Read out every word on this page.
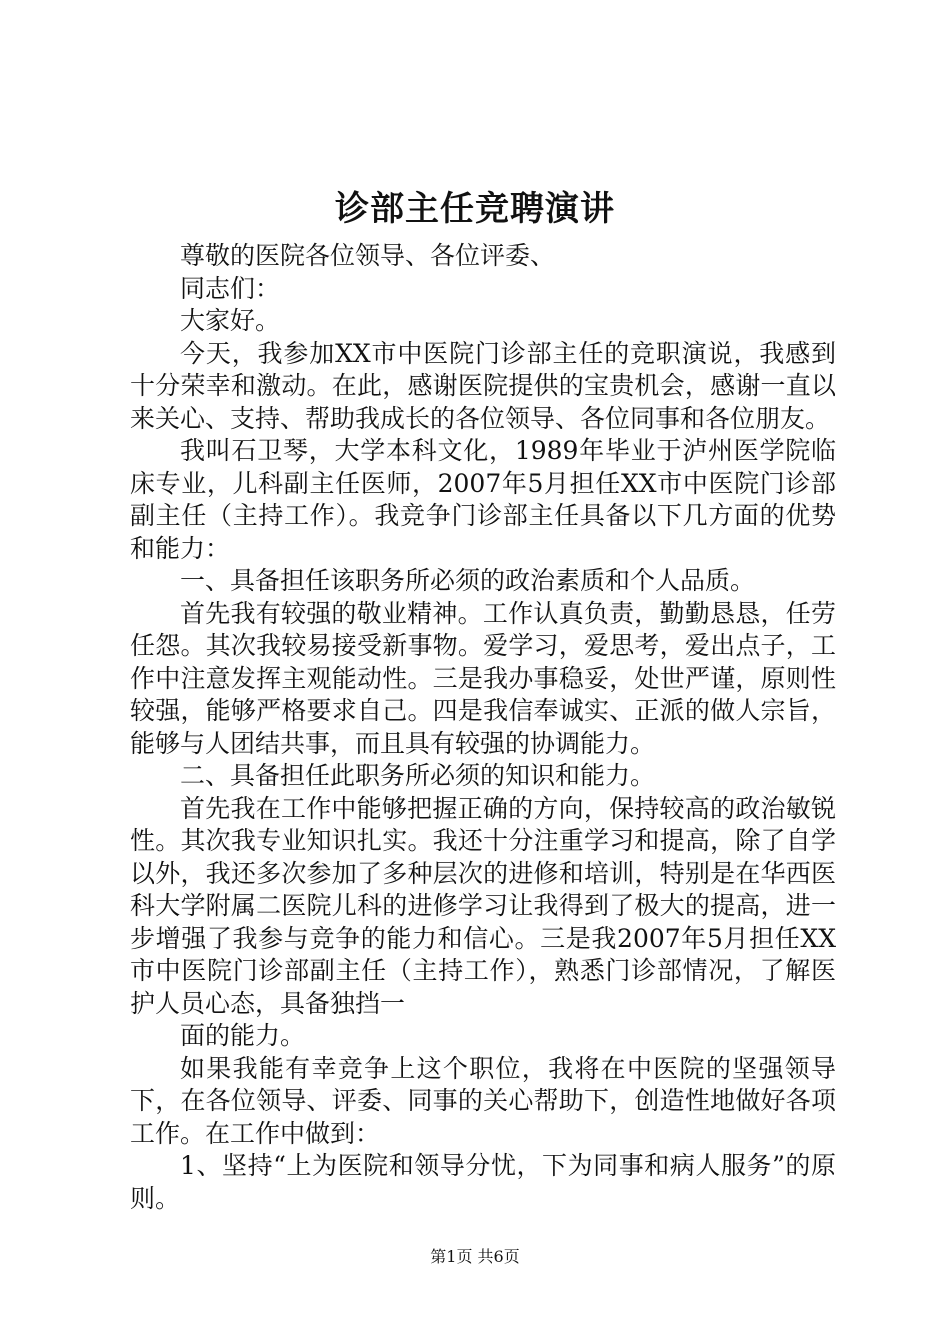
诊部主任竞聘演讲

尊敬的医院各位领导、各位评委、

同志们：

大家好。

今天，我参加XX市中医院门诊部主任的竞职演说，我感到十分荣幸和激动。在此，感谢医院提供的宝贵机会，感谢一直以来关心、支持、帮助我成长的各位领导、各位同事和各位朋友。

我叫石卫琴，大学本科文化，1989年毕业于泸州医学院临床专业，儿科副主任医师，2007年5月担任XX市中医院门诊部副主任（主持工作）。我竞争门诊部主任具备以下几方面的优势和能力：

一、具备担任该职务所必须的政治素质和个人品质。

首先我有较强的敬业精神。工作认真负责，勤勤恳恳，任劳任怨。其次我较易接受新事物。爱学习，爱思考，爱出点子，工作中注意发挥主观能动性。三是我办事稳妥，处世严谨，原则性较强，能够严格要求自己。四是我信奉诚实、正派的做人宗旨，能够与人团结共事，而且具有较强的协调能力。

二、具备担任此职务所必须的知识和能力。

首先我在工作中能够把握正确的方向，保持较高的政治敏锐性。其次我专业知识扎实。我还十分注重学习和提高，除了自学以外，我还多次参加了多种层次的进修和培训，特别是在华西医科大学附属二医院儿科的进修学习让我得到了极大的提高，进一步增强了我参与竞争的能力和信心。三是我2007年5月担任XX市中医院门诊部副主任（主持工作），熟悉门诊部情况，了解医护人员心态，具备独挡一

面的能力。

如果我能有幸竞争上这个职位，我将在中医院的坚强领导下，在各位领导、评委、同事的关心帮助下，创造性地做好各项工作。在工作中做到：

1、坚持“上为医院和领导分忧，下为同事和病人服务”的原则。

第1页 共6页
